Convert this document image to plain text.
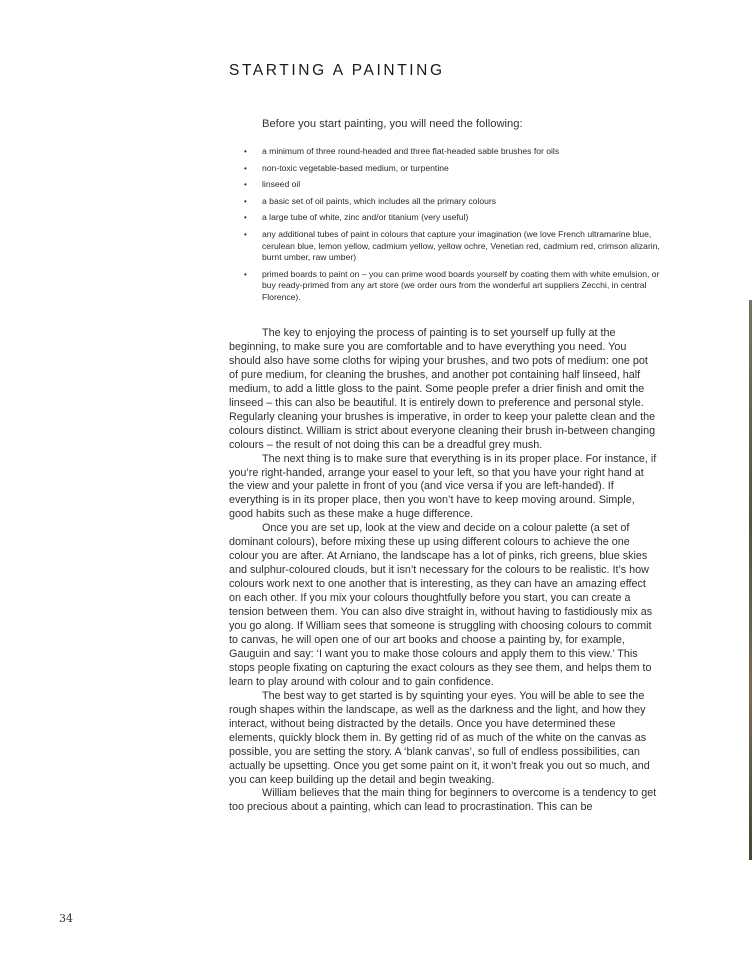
STARTING A PAINTING

Before you start painting, you will need the following:

• a minimum of three round-headed and three flat-headed sable brushes for oils
• non-toxic vegetable-based medium, or turpentine
• linseed oil
• a basic set of oil paints, which includes all the primary colours
• a large tube of white, zinc and/or titanium (very useful)
• any additional tubes of paint in colours that capture your imagination (we love French ultramarine blue, cerulean blue, lemon yellow, cadmium yellow, yellow ochre, Venetian red, cadmium red, crimson alizarin, burnt umber, raw umber)
• primed boards to paint on – you can prime wood boards yourself by coating them with white emulsion, or buy ready-primed from any art store (we order ours from the wonderful art suppliers Zecchi, in central Florence).

The key to enjoying the process of painting is to set yourself up fully at the beginning, to make sure you are comfortable and to have everything you need. You should also have some cloths for wiping your brushes, and two pots of medium: one pot of pure medium, for cleaning the brushes, and another pot containing half linseed, half medium, to add a little gloss to the paint. Some people prefer a drier finish and omit the linseed – this can also be beautiful. It is entirely down to preference and personal style. Regularly cleaning your brushes is imperative, in order to keep your palette clean and the colours distinct. William is strict about everyone cleaning their brush in-between changing colours – the result of not doing this can be a dreadful grey mush.

The next thing is to make sure that everything is in its proper place. For instance, if you’re right-handed, arrange your easel to your left, so that you have your right hand at the view and your palette in front of you (and vice versa if you are left-handed). If everything is in its proper place, then you won’t have to keep moving around. Simple, good habits such as these make a huge difference.

Once you are set up, look at the view and decide on a colour palette (a set of dominant colours), before mixing these up using different colours to achieve the one colour you are after. At Arniano, the landscape has a lot of pinks, rich greens, blue skies and sulphur-coloured clouds, but it isn’t necessary for the colours to be realistic. It’s how colours work next to one another that is interesting, as they can have an amazing effect on each other. If you mix your colours thoughtfully before you start, you can create a tension between them. You can also dive straight in, without having to fastidiously mix as you go along. If William sees that someone is struggling with choosing colours to commit to canvas, he will open one of our art books and choose a painting by, for example, Gauguin and say: ‘I want you to make those colours and apply them to this view.’ This stops people fixating on capturing the exact colours as they see them, and helps them to learn to play around with colour and to gain confidence.

The best way to get started is by squinting your eyes. You will be able to see the rough shapes within the landscape, as well as the darkness and the light, and how they interact, without being distracted by the details. Once you have determined these elements, quickly block them in. By getting rid of as much of the white on the canvas as possible, you are setting the story. A ‘blank canvas’, so full of endless possibilities, can actually be upsetting. Once you get some paint on it, it won’t freak you out so much, and you can keep building up the detail and begin tweaking.

William believes that the main thing for beginners to overcome is a tendency to get too precious about a painting, which can lead to procrastination. This can be

34
